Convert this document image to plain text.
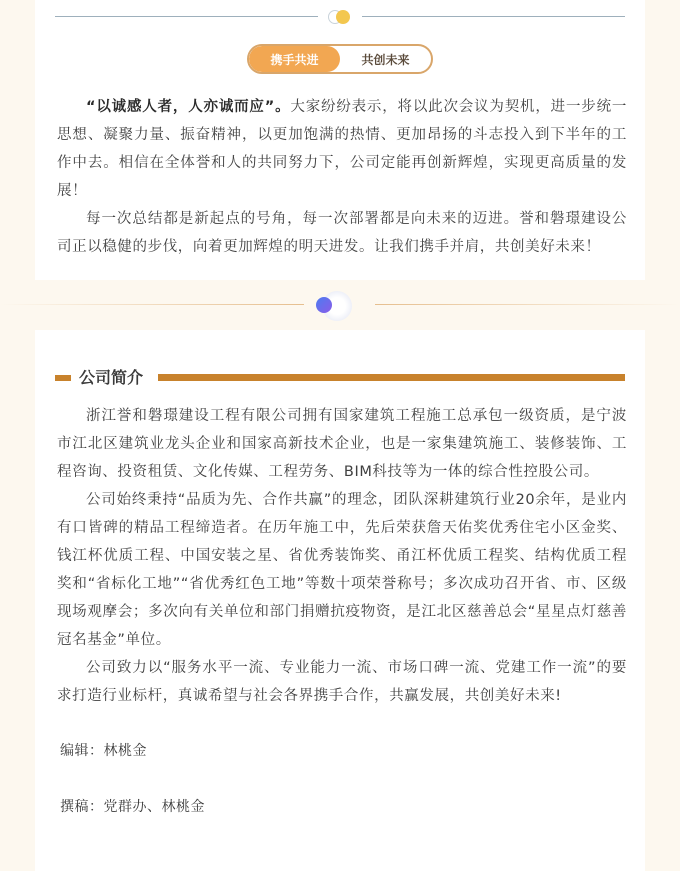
携手共进	共创未来

“以诚感人者，人亦诚而应”。大家纷纷表示，将以此次会议为契机，进一步统一思想、凝聚力量、振奋精神，以更加饱满的热情、更加昂扬的斗志投入到下半年的工作中去。相信在全体誉和人的共同努力下，公司定能再创新辉煌，实现更高质量的发展！

每一次总结都是新起点的号角，每一次部署都是向未来的迈进。誉和磐璟建设公司正以稳健的步伐，向着更加辉煌的明天进发。让我们携手并肩，共创美好未来！

公司简介

浙江誉和磐璟建设工程有限公司拥有国家建筑工程施工总承包一级资质，是宁波市江北区建筑业龙头企业和国家高新技术企业，也是一家集建筑施工、装修装饰、工程咨询、投资租赁、文化传媒、工程劳务、BIM科技等为一体的综合性控股公司。

公司始终秉持“品质为先、合作共赢”的理念，团队深耕建筑行业20余年，是业内有口皆碑的精品工程缔造者。在历年施工中，先后荣获詹天佑奖优秀住宅小区金奖、钱江杯优质工程、中国安装之星、省优秀装饰奖、甬江杯优质工程奖、结构优质工程奖和“省标化工地”“省优秀红色工地”等数十项荣誉称号；多次成功召开省、市、区级现场观摩会；多次向有关单位和部门捐赠抗疫物资，是江北区慈善总会“星星点灯慈善冠名基金”单位。

公司致力以“服务水平一流、专业能力一流、市场口碑一流、党建工作一流”的要求打造行业标杆，真诚希望与社会各界携手合作，共赢发展，共创美好未来!

编辑：林桃金
撰稿：党群办、林桃金
